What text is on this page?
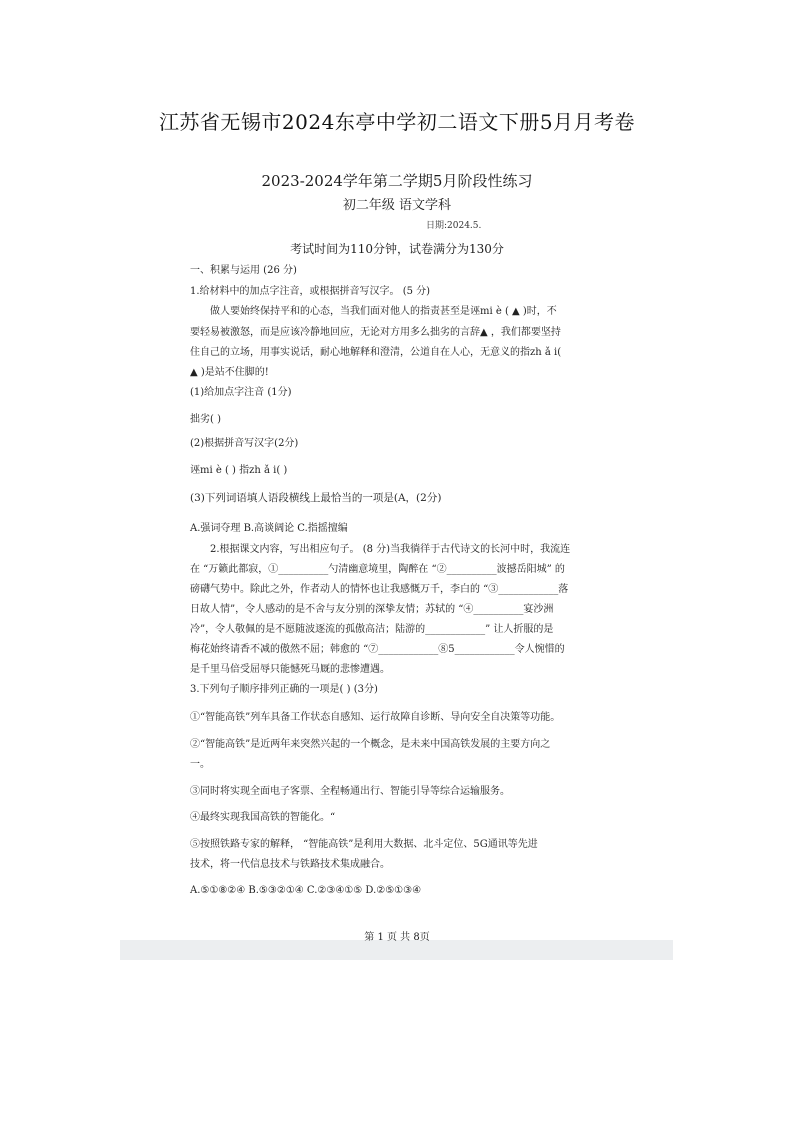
江苏省无锡市2024东亭中学初二语文下册5月月考卷
2023-2024学年第二学期5月阶段性练习
初二年级 语文学科
日期:2024.5.
考试时间为110分钟，试卷满分为130分
一、积累与运用 (26 分)
1.给材料中的加点字注音，或根据拼音写汉字。 (5 分)
做人要始终保持平和的心态，当我们面对他人的指责甚至是诬mi è ( ▲ )时，不
要轻易被激怒，而是应该冷静地回应，无论对方用多么拙劣的言辞▲ ，我们都要坚持
住自己的立场，用事实说话，耐心地解释和澄清，公道自在人心，无意义的指zh ǎ i(
▲ )是站不住脚的!
(1)给加点字注音 (1分)
拙劣( )
(2)根据拼音写汉字(2分)
诬mi è ( ) 指zh ǎ i( )
(3)下列词语填人语段横线上最恰当的一项是(A，(2分)
A.强词夺理 B.高谈阔论 C.指摇擅编
2.根据课文内容，写出相应句子。 (8 分)当我徜徉于古代诗文的长河中时，我流连
在 “万籁此都寂，①__________勺清幽意境里，陶醉在 “②__________波撼岳阳城” 的
磅礴气势中。除此之外，作者动人的情怀也让我感慨万千，李白的 “③____________落
日故人情”，令人感动的是不舍与友分别的深挚友情；苏轼的 “④__________宴沙洲
冷”，令人敬佩的是不愿随波逐流的孤傲高洁；陆游的____________” 让人折服的是
梅花始终请香不减的傲然不屈；韩愈的 “⑦____________⑧5____________令人惋惜的
是千里马倍受屈辱只能憾死马厩的悲惨遭遇。
3.下列句子顺序排列正确的一项是( ) (3分)
①“智能高铁”列车具备工作状态自感知、运行故障自诊断、导向安全自决策等功能。
②“智能高铁”是近两年来突然兴起的一个概念，是未来中国高铁发展的主要方向之
一。
③同时将实现全面电子客票、全程畅通出行、智能引导等综合运输服务。
④最终实现我国高铁的智能化。“
⑤按照铁路专家的解释， “智能高铁”是利用大数据、北斗定位、5G通讯等先进
技术，将一代信息技术与铁路技术集成融合。
A.⑤①⑧②④ B.⑤③②①④ C.②③④①⑤ D.②⑤①③④
第 1 页 共 8页
